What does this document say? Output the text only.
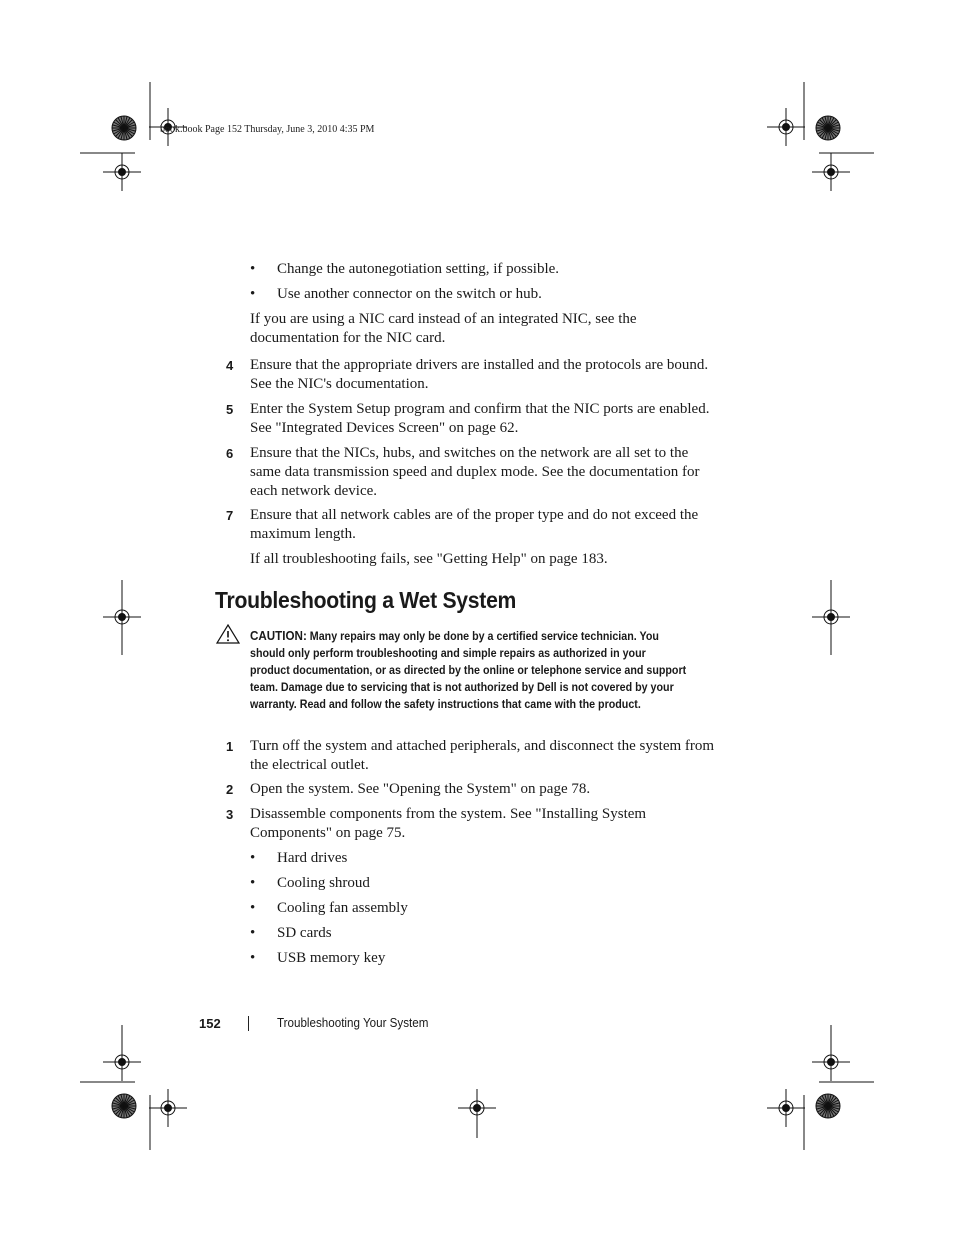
book.book Page 152 Thursday, June 3, 2010 4:35 PM
• Change the autonegotiation setting, if possible.
• Use another connector on the switch or hub.
If you are using a NIC card instead of an integrated NIC, see the documentation for the NIC card.
4 Ensure that the appropriate drivers are installed and the protocols are bound. See the NIC's documentation.
5 Enter the System Setup program and confirm that the NIC ports are enabled. See "Integrated Devices Screen" on page 62.
6 Ensure that the NICs, hubs, and switches on the network are all set to the same data transmission speed and duplex mode. See the documentation for each network device.
7 Ensure that all network cables are of the proper type and do not exceed the maximum length.
If all troubleshooting fails, see "Getting Help" on page 183.
Troubleshooting a Wet System
CAUTION: Many repairs may only be done by a certified service technician. You should only perform troubleshooting and simple repairs as authorized in your product documentation, or as directed by the online or telephone service and support team. Damage due to servicing that is not authorized by Dell is not covered by your warranty. Read and follow the safety instructions that came with the product.
1 Turn off the system and attached peripherals, and disconnect the system from the electrical outlet.
2 Open the system. See "Opening the System" on page 78.
3 Disassemble components from the system. See "Installing System Components" on page 75.
• Hard drives
• Cooling shroud
• Cooling fan assembly
• SD cards
• USB memory key
152	Troubleshooting Your System
